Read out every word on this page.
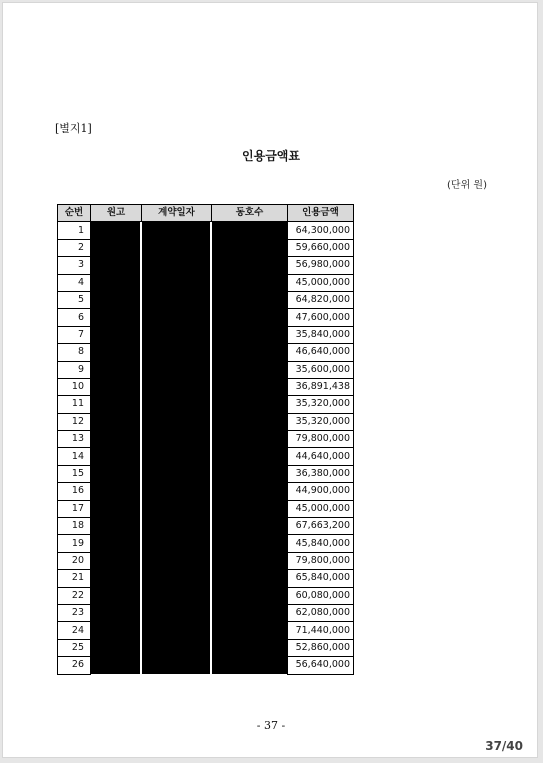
[별지1]
인용금액표
(단위 원)
순번	원고		계약일자		동호수	인용금액
1						64,300,000
2						59,660,000
3						56,980,000
4						45,000,000
5						64,820,000
6						47,600,000
7						35,840,000
8						46,640,000
9						35,600,000
10						36,891,438
11						35,320,000
12						35,320,000
13						79,800,000
14						44,640,000
15						36,380,000
16						44,900,000
17						45,000,000
18						67,663,200
19						45,840,000
20						79,800,000
21						65,840,000
22						60,080,000
23						62,080,000
24						71,440,000
25						52,860,000
26						56,640,000
- 37 -
37/40
